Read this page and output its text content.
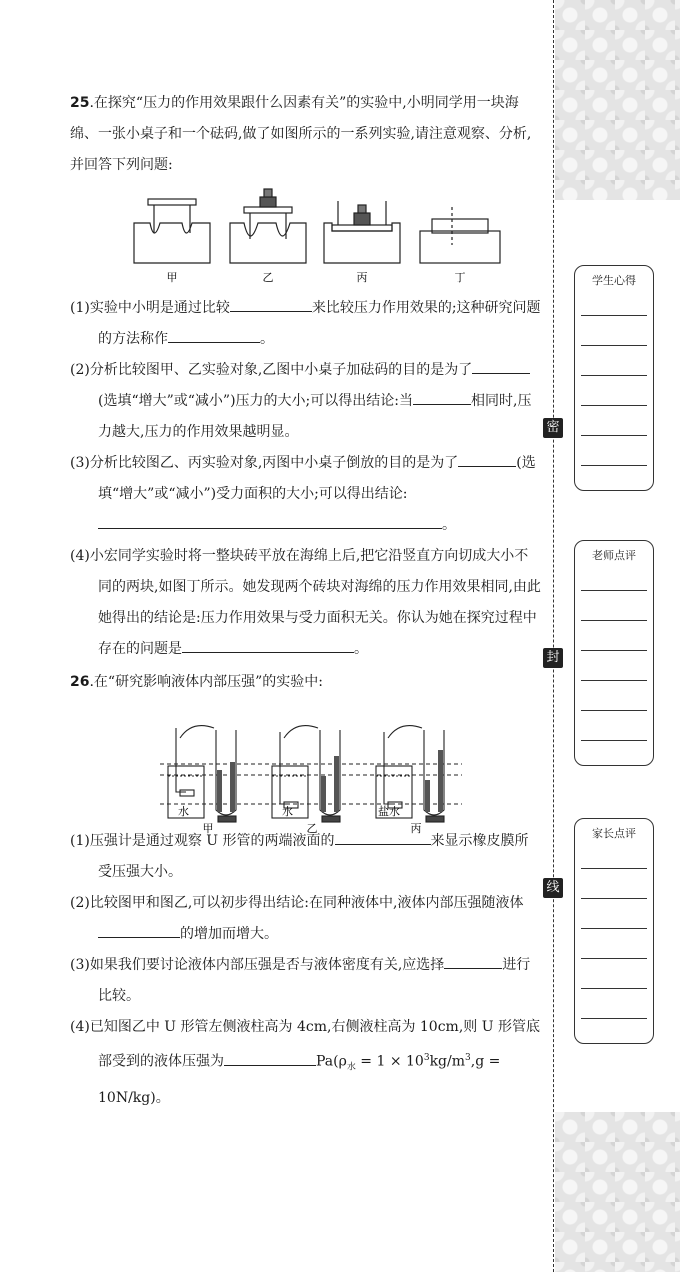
25.在探究“压力的作用效果跟什么因素有关”的实验中,小明同学用一块海绵、一张小桌子和一个砝码,做了如图所示的一系列实验,请注意观察、分析,并回答下列问题:

(1)实验中小明是通过比较	来比较压力作用效果的;这种研究问题的方法称作	。

(2)分析比较图甲、乙实验对象,乙图中小桌子加砝码的目的是为了(选填“增大”或“减小”)压力的大小;可以得出结论:当	相同时,压力越大,压力的作用效果越明显。

(3)分析比较图乙、丙实验对象,丙图中小桌子倒放的目的是为了	(选填“增大”或“减小”)受力面积的大小;可以得出结论:。

(4)小宏同学实验时将一整块砖平放在海绵上后,把它沿竖直方向切成大小不同的两块,如图丁所示。她发现两个砖块对海绵的压力作用效果相同,由此她得出的结论是:压力作用效果与受力面积无关。你认为她在探究过程中存在的问题是	。

26.在“研究影响液体内部压强”的实验中:

(1)压强计是通过观察 U 形管的两端液面的	来显示橡皮膜所受压强大小。

(2)比较图甲和图乙,可以初步得出结论:在同种液体中,液体内部压强随液体的增加而增大。

(3)如果我们要讨论液体内部压强是否与液体密度有关,应选择	进行比较。

(4)已知图乙中 U 形管左侧液柱高为 4cm,右侧液柱高为 10cm,则 U 形管底部受到的液体压强为	$Pa(\rho_水 = 1 \times 10^3kg/m^3,g = 10N/kg)$。

甲	乙	丙	丁
水	水	盐水
甲	乙	丙
学生心得
老师点评
家长点评
密
封
线
